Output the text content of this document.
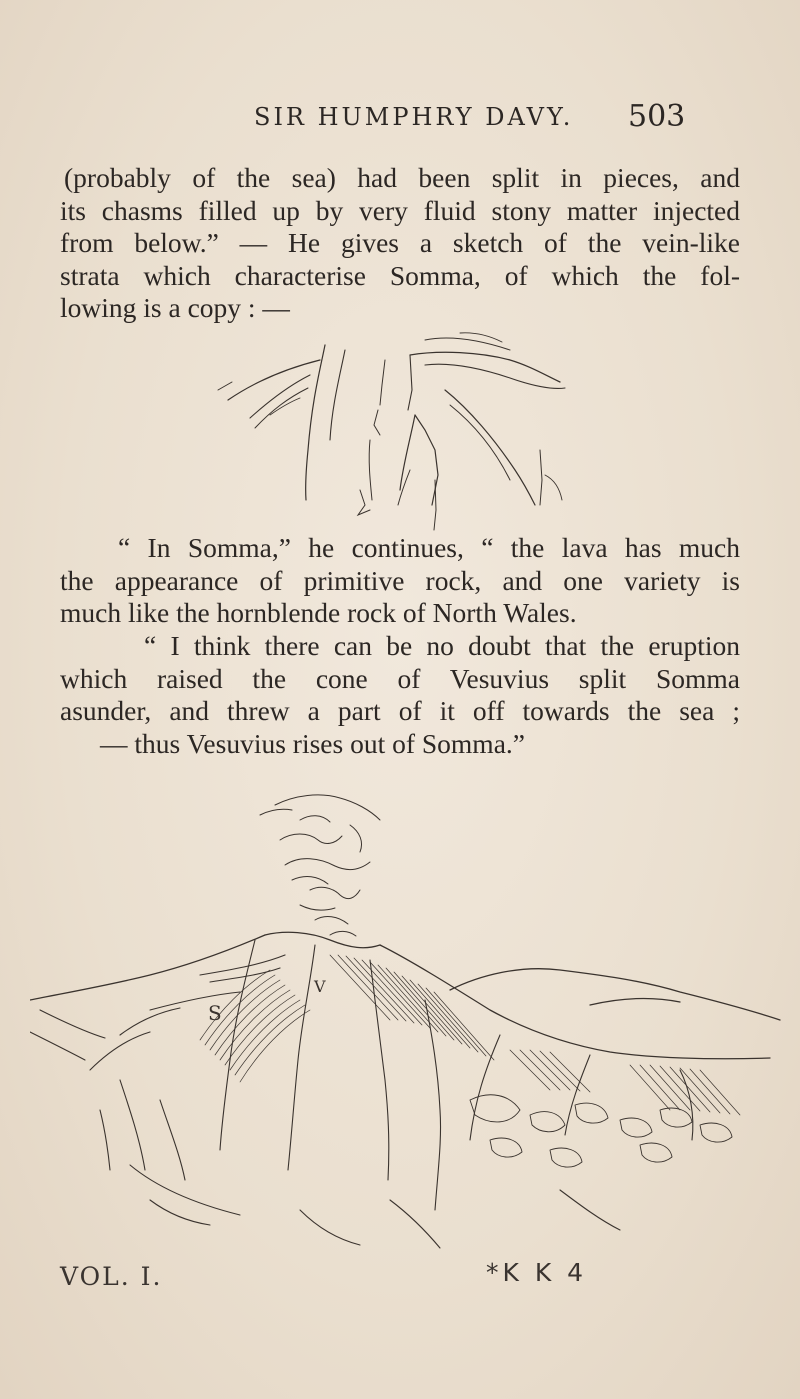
SIR HUMPHRY DAVY. 503
(probably of the sea) had been split in pieces, and
its chasms filled up by very fluid stony matter injected
from below.” — He gives a sketch of the vein-like
strata which characterise Somma, of which the fol-
lowing is a copy : —
“ In Somma,” he continues, “ the lava has much
the appearance of primitive rock, and one variety is
much like the hornblende rock of North Wales.
“ I think there can be no doubt that the eruption
which raised the cone of Vesuvius split Somma
asunder, and threw a part of it off towards the sea ;
— thus Vesuvius rises out of Somma.”
S
V
VOL. I.	*K K 4
